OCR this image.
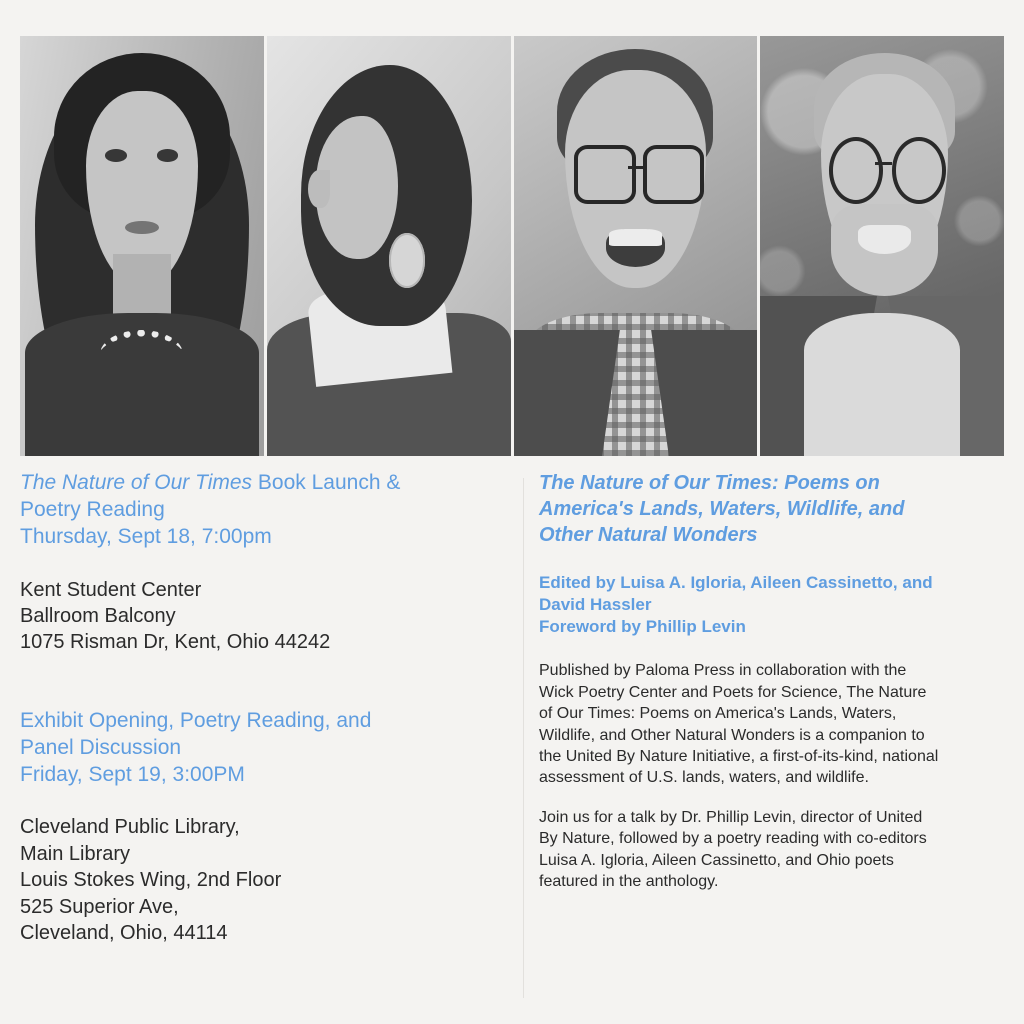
The Nature of Our Times Book Launch &
Poetry Reading
Thursday, Sept 18, 7:00pm
Kent Student Center
Ballroom Balcony
1075 Risman Dr, Kent, Ohio 44242
Exhibit Opening, Poetry Reading, and
Panel Discussion
Friday, Sept 19, 3:00PM
Cleveland Public Library,
Main Library
Louis Stokes Wing, 2nd Floor
525 Superior Ave,
Cleveland, Ohio, 44114
The Nature of Our Times: Poems on America's Lands, Waters, Wildlife, and Other Natural Wonders
Edited by Luisa A. Igloria, Aileen Cassinetto, and David Hassler
Foreword by Phillip Levin
Published by Paloma Press in collaboration with the Wick Poetry Center and Poets for Science, The Nature of Our Times: Poems on America's Lands, Waters, Wildlife, and Other Natural Wonders is a companion to the United By Nature Initiative, a first-of-its-kind, national assessment of U.S. lands, waters, and wildlife.
Join us for a talk by Dr. Phillip Levin, director of United By Nature, followed by a poetry reading with co-editors Luisa A. Igloria, Aileen Cassinetto, and Ohio poets featured in the anthology.
